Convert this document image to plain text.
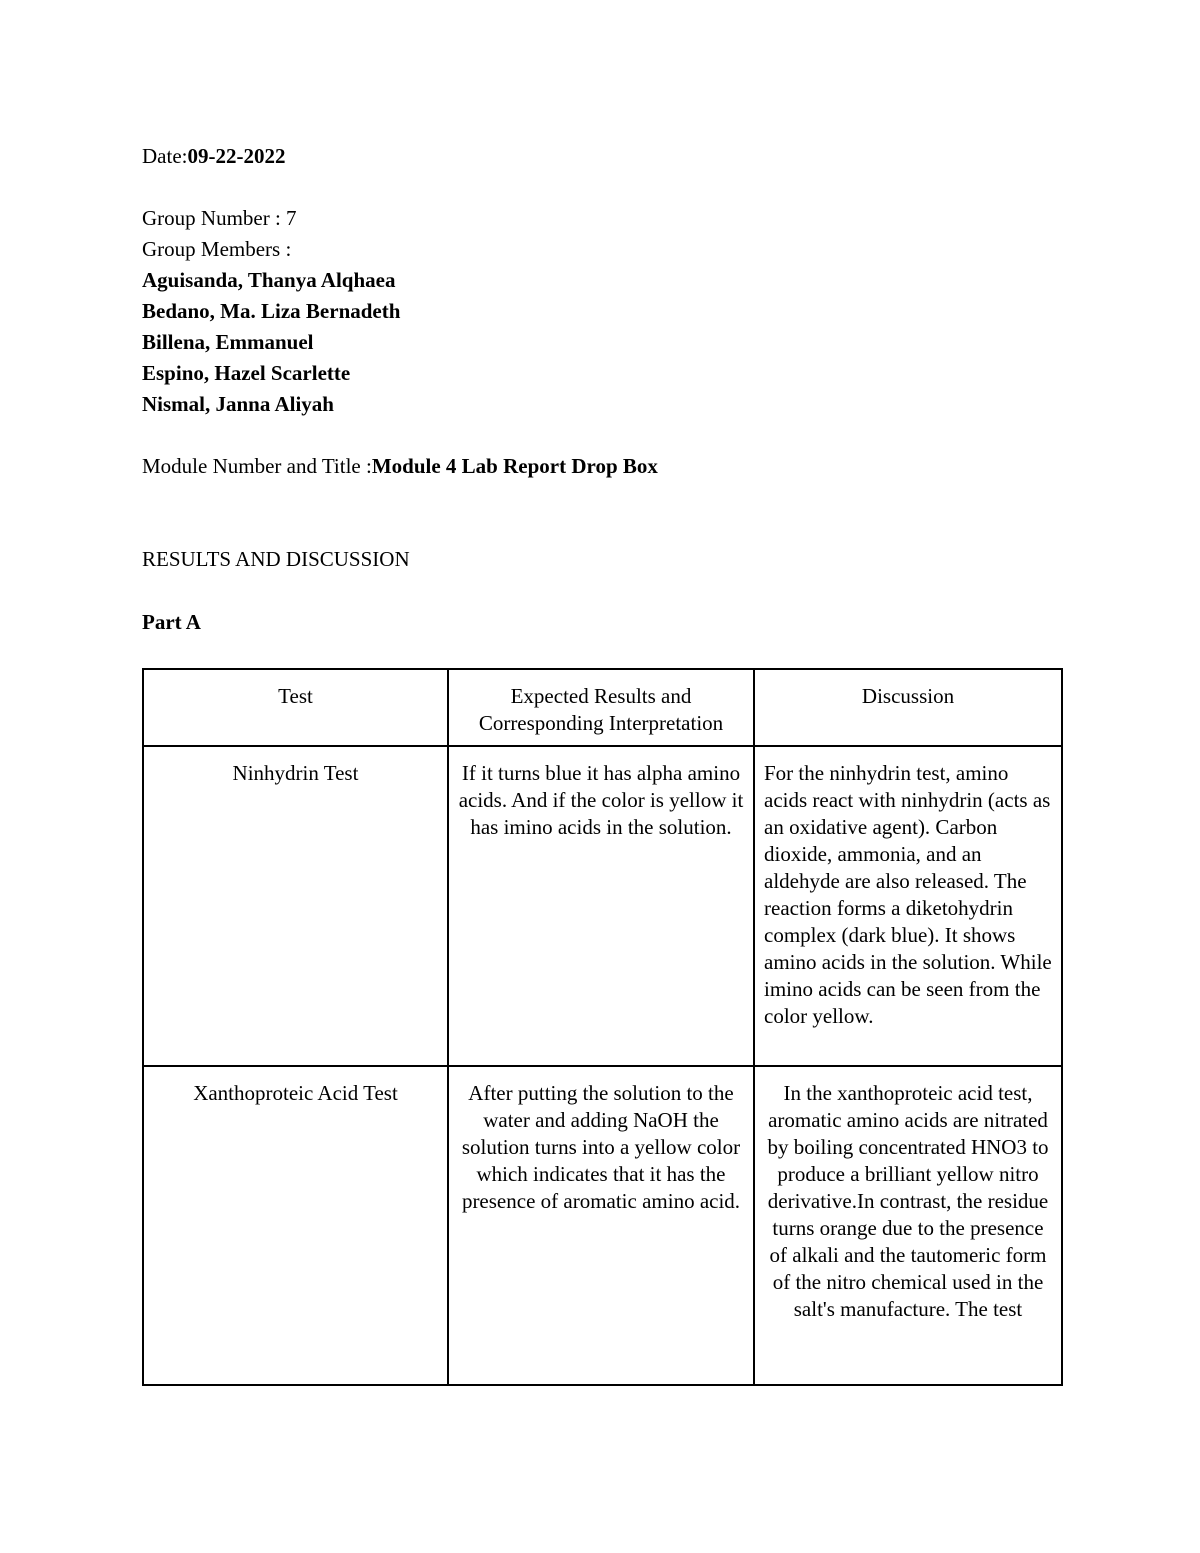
Date:09-22-2022
Group Number : 7
Group Members :
Aguisanda, Thanya Alqhaea
Bedano, Ma. Liza Bernadeth
Billena, Emmanuel
Espino, Hazel Scarlette
Nismal, Janna Aliyah
Module Number and Title :Module 4 Lab Report Drop Box
RESULTS AND DISCUSSION
Part A
Test	Expected Results and Corresponding Interpretation	Discussion
Ninhydrin Test	If it turns blue it has alpha amino acids. And if the color is yellow it has imino acids in the solution.	For the ninhydrin test, amino acids react with ninhydrin (acts as an oxidative agent). Carbon dioxide, ammonia, and an aldehyde are also released. The reaction forms a diketohydrin complex (dark blue). It shows amino acids in the solution. While imino acids can be seen from the color yellow.
Xanthoproteic Acid Test	After putting the solution to the water and adding NaOH the solution turns into a yellow color which indicates that it has the presence of aromatic amino acid.	In the xanthoproteic acid test, aromatic amino acids are nitrated by boiling concentrated HNO3 to produce a brilliant yellow nitro derivative.In contrast, the residue turns orange due to the presence of alkali and the tautomeric form of the nitro chemical used in the salt's manufacture. The test
